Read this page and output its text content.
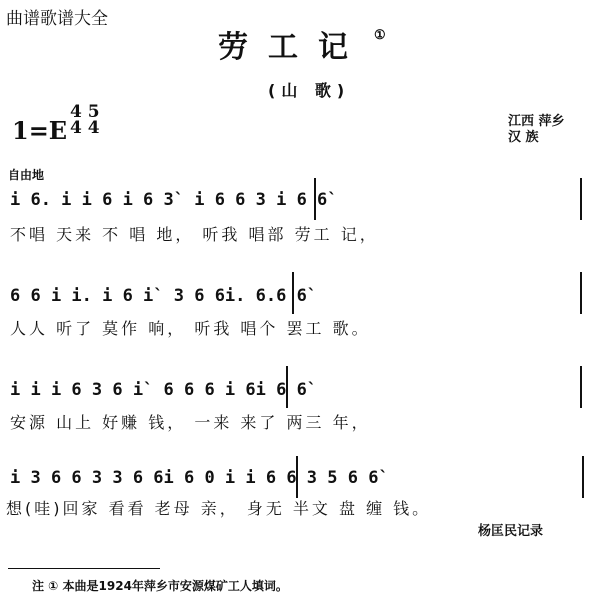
曲谱歌谱大全
劳工记 ①
(山 歌)
1=E
4 5
4 4	江西 萍乡
汉 族
自由地
i 6. i i 6 i 6 3` i 6 6 3 i 6 6`
不唱 天来 不 唱 地， 听我 唱部 劳工 记，
6 6 i i. i 6 i` 3 6 6i. 6.6 6`
人人 听了 莫作 响， 听我 唱个 罢工 歌。
i i i 6 3 6 i` 6 6 6 i 6i 6 6`
安源 山上 好赚 钱， 一来 来了 两三 年，
i 3 6 6 3 3 6 6i 6 0 i i 6 6 3 5 6 6`
想(哇)回家 看看 老母 亲， 身无 半文 盘 缠 钱。
杨匡民记录
注 ① 本曲是1924年萍乡市安源煤矿工人填词。
